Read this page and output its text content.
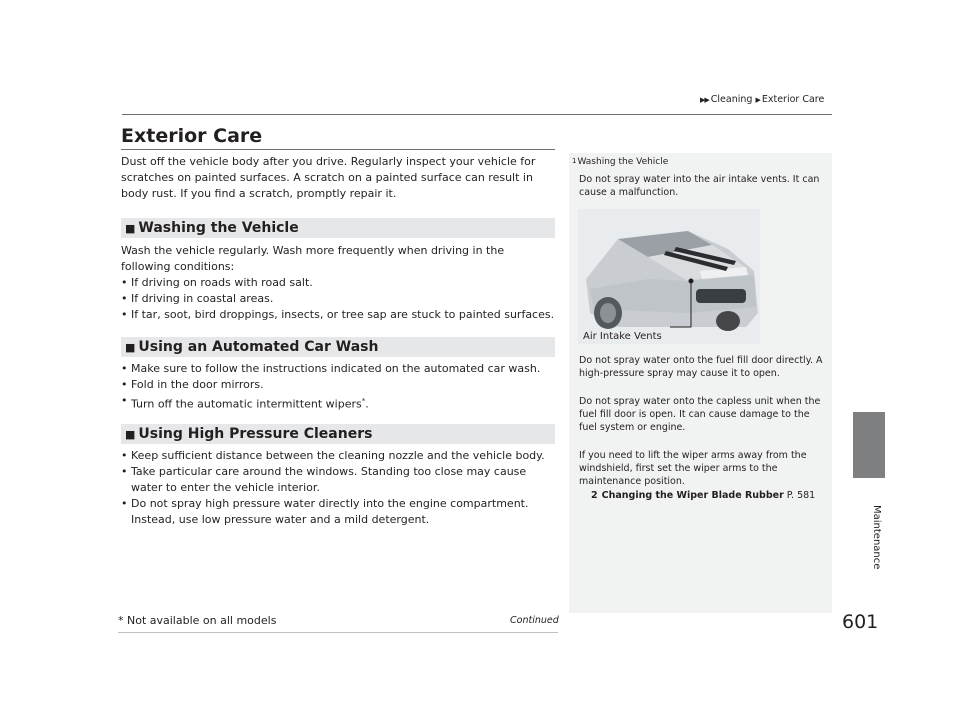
▶▶ Cleaning ▶ Exterior Care
Maintenance
Exterior Care
Dust off the vehicle body after you drive. Regularly inspect your vehicle for scratches on painted surfaces. A scratch on a painted surface can result in body rust. If you find a scratch, promptly repair it.
■ Washing the Vehicle
Wash the vehicle regularly. Wash more frequently when driving in the following conditions:
• If driving on roads with road salt.
• If driving in coastal areas.
• If tar, soot, bird droppings, insects, or tree sap are stuck to painted surfaces.
■ Using an Automated Car Wash
• Make sure to follow the instructions indicated on the automated car wash.
• Fold in the door mirrors.
• Turn off the automatic intermittent wipers*.
■ Using High Pressure Cleaners
• Keep sufficient distance between the cleaning nozzle and the vehicle body.
• Take particular care around the windows. Standing too close may cause water to enter the vehicle interior.
• Do not spray high pressure water directly into the engine compartment. Instead, use low pressure water and a mild detergent.
$^1$Washing the Vehicle
Do not spray water into the air intake vents. It can cause a malfunction.
Air Intake Vents
Do not spray water onto the fuel fill door directly. A high-pressure spray may cause it to open.
Do not spray water onto the capless unit when the fuel fill door is open. It can cause damage to the fuel system or engine.
If you need to lift the wiper arms away from the windshield, first set the wiper arms to the maintenance position.
2 Changing the Wiper Blade Rubber P. 581
* Not available on all models	Continued	601
